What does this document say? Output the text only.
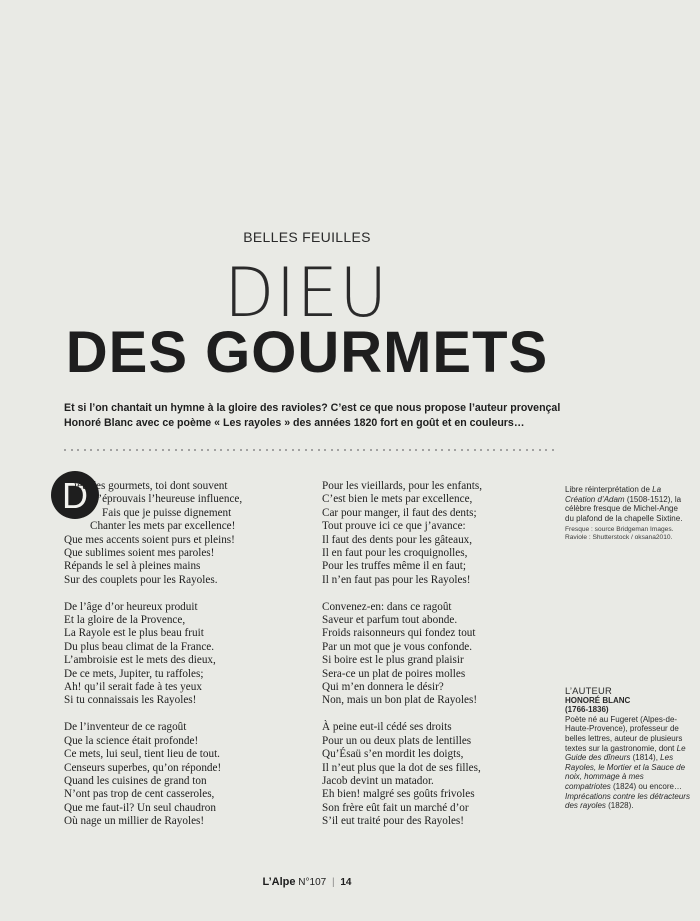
BELLES FEUILLES
DIEU
DES GOURMETS
Et si l’on chantait un hymne à la gloire des ravioles? C’est ce que nous propose l’auteur provençal Honoré Blanc avec ce poème « Les rayoles » des années 1820 fort en goût et en couleurs…
D
ieu des gourmets, toi dont souvent
J’éprouvais l’heureuse influence,
Fais que je puisse dignement
Chanter les mets par excellence!
Que mes accents soient purs et pleins!
Que sublimes soient mes paroles!
Répands le sel à pleines mains
Sur des couplets pour les Rayoles.
De l’âge d’or heureux produit
Et la gloire de la Provence,
La Rayole est le plus beau fruit
Du plus beau climat de la France.
L’ambroisie est le mets des dieux,
De ce mets, Jupiter, tu raffoles;
Ah! qu’il serait fade à tes yeux
Si tu connaissais les Rayoles!
De l’inventeur de ce ragoût
Que la science était profonde!
Ce mets, lui seul, tient lieu de tout.
Censeurs superbes, qu’on réponde!
Quand les cuisines de grand ton
N’ont pas trop de cent casseroles,
Que me faut-il? Un seul chaudron
Où nage un millier de Rayoles!
Pour les vieillards, pour les enfants,
C’est bien le mets par excellence,
Car pour manger, il faut des dents;
Tout prouve ici ce que j’avance:
Il faut des dents pour les gâteaux,
Il en faut pour les croquignolles,
Pour les truffes même il en faut;
Il n’en faut pas pour les Rayoles!
Convenez-en: dans ce ragoût
Saveur et parfum tout abonde.
Froids raisonneurs qui fondez tout
Par un mot que je vous confonde.
Si boire est le plus grand plaisir
Sera-ce un plat de poires molles
Qui m’en donnera le désir?
Non, mais un bon plat de Rayoles!
À peine eut-il cédé ses droits
Pour un ou deux plats de lentilles
Qu’Ésaü s’en mordit les doigts,
Il n’eut plus que la dot de ses filles,
Jacob devint un matador.
Eh bien! malgré ses goûts frivoles
Son frère eût fait un marché d’or
S’il eut traité pour des Rayoles!
Libre réinterprétation de La Création d’Adam (1508-1512), la célèbre fresque de Michel-Ange du plafond de la chapelle Sixtine.
Fresque : source Bridgeman Images. Raviole : Shutterstock / oksana2010.
L’AUTEUR
HONORÉ BLANC
(1766-1836)
Poète né au Fugeret (Alpes-de-Haute-Provence), professeur de belles lettres, auteur de plusieurs textes sur la gastronomie, dont Le Guide des dîneurs (1814), Les Rayoles, le Mortier et la Sauce de noix, hommage à mes compatriotes (1824) ou encore… Imprécations contre les détracteurs des rayoles (1828).
L’Alpe N°107 | 14
